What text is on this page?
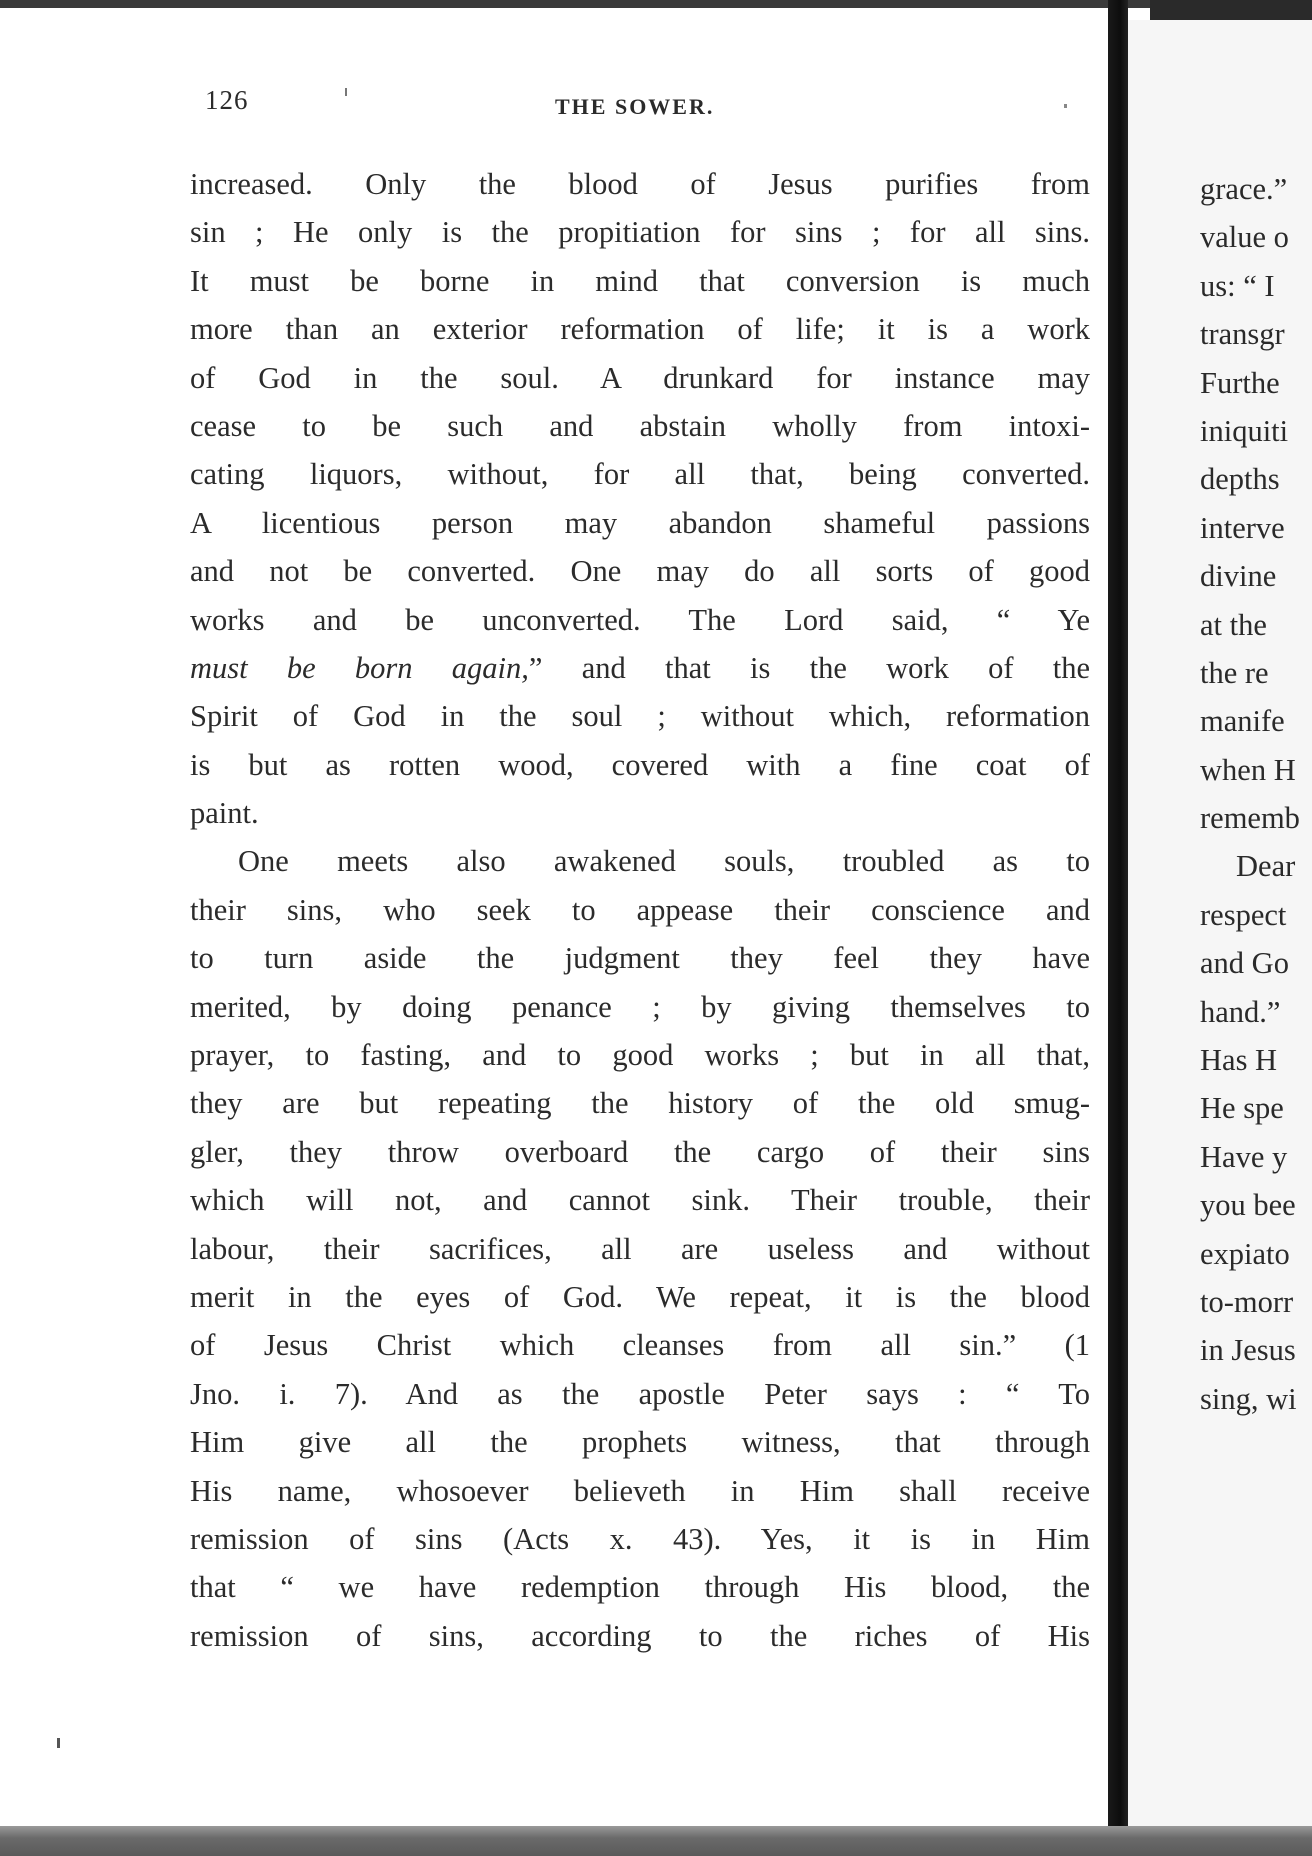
126	THE SOWER.
increased. Only the blood of Jesus purifies from
sin ; He only is the propitiation for sins ; for all sins.
It must be borne in mind that conversion is much
more than an exterior reformation of life; it is a work
of God in the soul. A drunkard for instance may
cease to be such and abstain wholly from intoxi-
cating liquors, without, for all that, being converted.
A licentious person may abandon shameful passions
and not be converted. One may do all sorts of good
works and be unconverted. The Lord said, “ Ye
must be born again,” and that is the work of the
Spirit of God in the soul ; without which, reformation
is but as rotten wood, covered with a fine coat of
paint.
One meets also awakened souls, troubled as to
their sins, who seek to appease their conscience and
to turn aside the judgment they feel they have
merited, by doing penance ; by giving themselves to
prayer, to fasting, and to good works ; but in all that,
they are but repeating the history of the old smug-
gler, they throw overboard the cargo of their sins
which will not, and cannot sink. Their trouble, their
labour, their sacrifices, all are useless and without
merit in the eyes of God. We repeat, it is the blood
of Jesus Christ which cleanses from all sin.” (1
Jno. i. 7). And as the apostle Peter says : “ To
Him give all the prophets witness, that through
His name, whosoever believeth in Him shall receive
remission of sins (Acts x. 43). Yes, it is in Him
that “ we have redemption through His blood, the
remission of sins, according to the riches of His
grace.”
value o
us: “ I
transgr
Furthe
iniquiti
depths
interve
divine
at the
the re
manife
when H
rememb
Dear
respect
and Go
hand.”
Has H
He spe
Have y
you bee
expiato
to-morr
in Jesus
sing, wi
